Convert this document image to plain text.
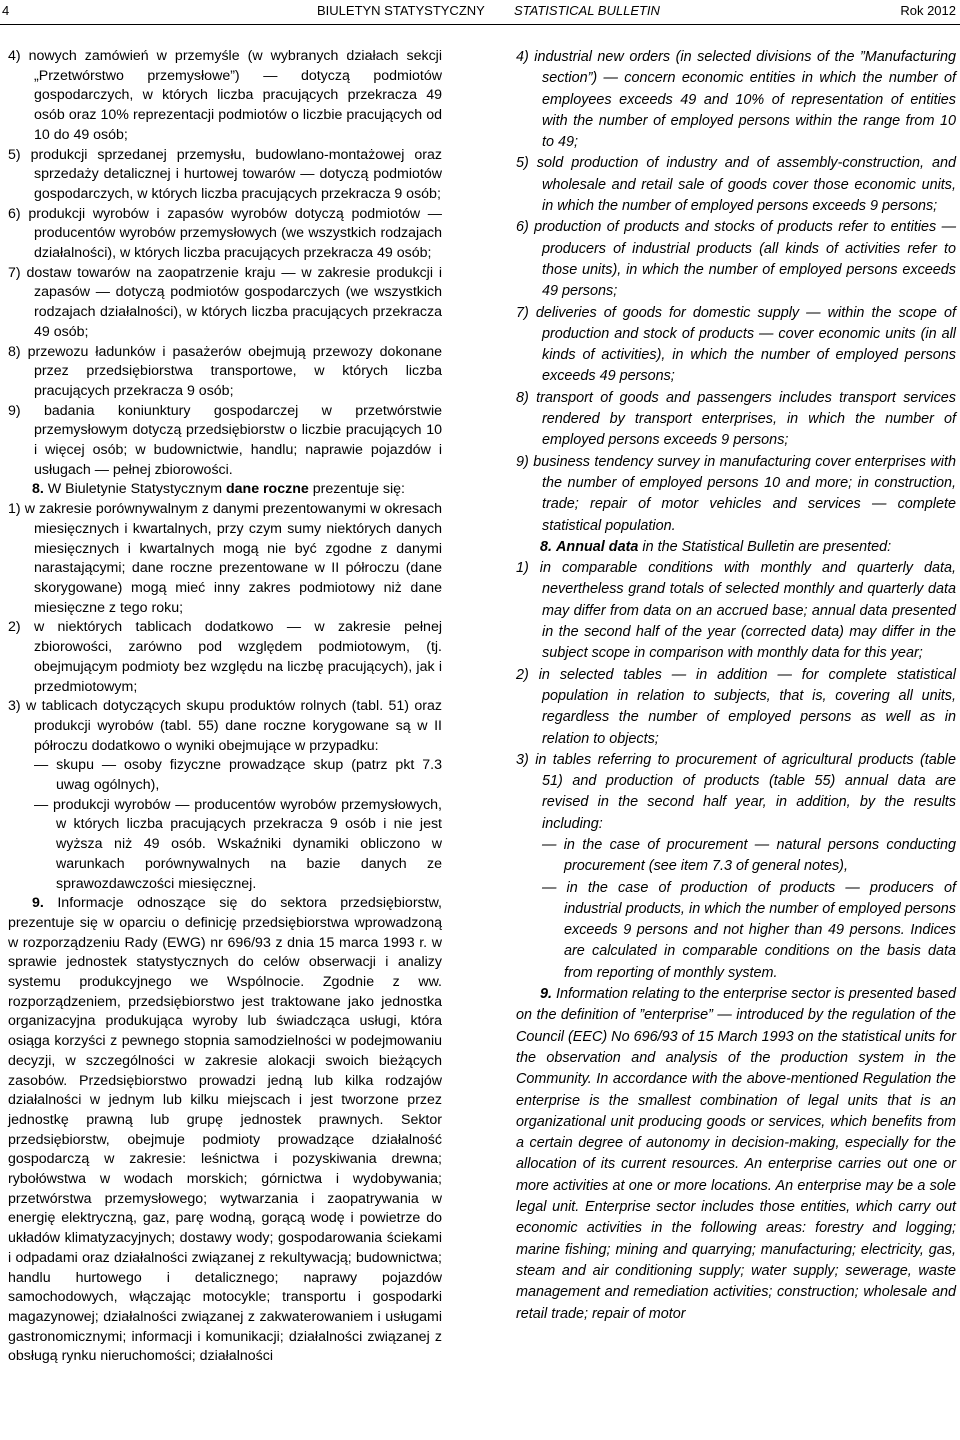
4	BIULETYN STATYSTYCZNY STATISTICAL BULLETIN	Rok 2012

4) nowych zamówień w przemyśle (w wybranych działach sekcji „Przetwórstwo przemysłowe”) — dotyczą podmiotów gospodarczych, w których liczba pracujących przekracza 49 osób oraz 10% reprezentacji podmiotów o liczbie pracujących od 10 do 49 osób;

5) produkcji sprzedanej przemysłu, budowlano-montażowej oraz sprzedaży detalicznej i hurtowej towarów — dotyczą podmiotów gospodarczych, w których liczba pracujących przekracza 9 osób;

6) produkcji wyrobów i zapasów wyrobów dotyczą podmiotów — producentów wyrobów przemysłowych (we wszystkich rodzajach działalności), w których liczba pracujących przekracza 49 osób;

7) dostaw towarów na zaopatrzenie kraju — w zakresie produkcji i zapasów — dotyczą podmiotów gospodarczych (we wszystkich rodzajach działalności), w których liczba pracujących przekracza 49 osób;

8) przewozu ładunków i pasażerów obejmują przewozy dokonane przez przedsiębiorstwa transportowe, w których liczba pracujących przekracza 9 osób;

9) badania koniunktury gospodarczej w przetwórstwie przemysłowym dotyczą przedsiębiorstw o liczbie pracujących 10 i więcej osób; w budownictwie, handlu; naprawie pojazdów i usługach — pełnej zbiorowości.

8. W Biuletynie Statystycznym dane roczne prezentuje się:

1) w zakresie porównywalnym z danymi prezentowanymi w okresach miesięcznych i kwartalnych, przy czym sumy niektórych danych miesięcznych i kwartalnych mogą nie być zgodne z danymi narastającymi; dane roczne prezentowane w II półroczu (dane skorygowane) mogą mieć inny zakres podmiotowy niż dane miesięczne z tego roku;

2) w niektórych tablicach dodatkowo — w zakresie pełnej zbiorowości, zarówno pod względem podmiotowym, (tj. obejmującym podmioty bez względu na liczbę pracujących), jak i przedmiotowym;

3) w tablicach dotyczących skupu produktów rolnych (tabl. 51) oraz produkcji wyrobów (tabl. 55) dane roczne korygowane są w II półroczu dodatkowo o wyniki obejmujące w przypadku:

— skupu — osoby fizyczne prowadzące skup (patrz pkt 7.3 uwag ogólnych),

— produkcji wyrobów — producentów wyrobów przemysłowych, w których liczba pracujących przekracza 9 osób i nie jest wyższa niż 49 osób. Wskaźniki dynamiki obliczono w warunkach porównywalnych na bazie danych ze sprawozdawczości miesięcznej.

9. Informacje odnoszące się do sektora przedsiębiorstw, prezentuje się w oparciu o definicję przedsiębiorstwa wprowadzoną w rozporządzeniu Rady (EWG) nr 696/93 z dnia 15 marca 1993 r. w sprawie jednostek statystycznych do celów obserwacji i analizy systemu produkcyjnego we Wspólnocie. Zgodnie z ww. rozporządzeniem, przedsiębiorstwo jest traktowane jako jednostka organizacyjna produkująca wyroby lub świadcząca usługi, która osiąga korzyści z pewnego stopnia samodzielności w podejmowaniu decyzji, w szczególności w zakresie alokacji swoich bieżących zasobów. Przedsiębiorstwo prowadzi jedną lub kilka rodzajów działalności w jednym lub kilku miejscach i jest tworzone przez jednostkę prawną lub grupę jednostek prawnych. Sektor przedsiębiorstw, obejmuje podmioty prowadzące działalność gospodarczą w zakresie: leśnictwa i pozyskiwania drewna; rybołówstwa w wodach morskich; górnictwa i wydobywania; przetwórstwa przemysłowego; wytwarzania i zaopatrywania w energię elektryczną, gaz, parę wodną, gorącą wodę i powietrze do układów klimatyzacyjnych; dostawy wody; gospodarowania ściekami i odpadami oraz działalności związanej z rekultywacją; budownictwa; handlu hurtowego i detalicznego; naprawy pojazdów samochodowych, włączając motocykle; transportu i gospodarki magazynowej; działalności związanej z zakwaterowaniem i usługami gastronomicznymi; informacji i komunikacji; działalności związanej z obsługą rynku nieruchomości; działalności

4) industrial new orders (in selected divisions of the ”Manufacturing section”) — concern economic entities in which the number of employees exceeds 49 and 10% of representation of entities with the number of employed persons within the range from 10 to 49;

5) sold production of industry and of assembly-construction, and wholesale and retail sale of goods cover those economic units, in which the number of employed persons exceeds 9 persons;

6) production of products and stocks of products refer to entities — producers of industrial products (all kinds of activities refer to those units), in which the number of employed persons exceeds 49 persons;

7) deliveries of goods for domestic supply — within the scope of production and stock of products — cover economic units (in all kinds of activities), in which the number of employed persons exceeds 49 persons;

8) transport of goods and passengers includes transport services rendered by transport enterprises, in which the number of employed persons exceeds 9 persons;

9) business tendency survey in manufacturing cover enterprises with the number of employed persons 10 and more; in construction, trade; repair of motor vehicles and services — complete statistical population.

8. Annual data in the Statistical Bulletin are presented:

1) in comparable conditions with monthly and quarterly data, nevertheless grand totals of selected monthly and quarterly data may differ from data on an accrued base; annual data presented in the second half of the year (corrected data) may differ in the subject scope in comparison with monthly data for this year;

2) in selected tables — in addition — for complete statistical population in relation to subjects, that is, covering all units, regardless the number of employed persons as well as in relation to objects;

3) in tables referring to procurement of agricultural products (table 51) and production of products (table 55) annual data are revised in the second half year, in addition, by the results including:

— in the case of procurement — natural persons conducting procurement (see item 7.3 of general notes),

— in the case of production of products — producers of industrial products, in which the number of employed persons exceeds 9 persons and not higher than 49 persons. Indices are calculated in comparable conditions on the basis data from reporting of monthly system.

9. Information relating to the enterprise sector is presented based on the definition of ”enterprise” — introduced by the regulation of the Council (EEC) No 696/93 of 15 March 1993 on the statistical units for the observation and analysis of the production system in the Community. In accordance with the above-mentioned Regulation the enterprise is the smallest combination of legal units that is an organizational unit producing goods or services, which benefits from a certain degree of autonomy in decision-making, especially for the allocation of its current resources. An enterprise carries out one or more activities at one or more locations. An enterprise may be a sole legal unit. Enterprise sector includes those entities, which carry out economic activities in the following areas: forestry and logging; marine fishing; mining and quarrying; manufacturing; electricity, gas, steam and air conditioning supply; water supply; sewerage, waste management and remediation activities; construction; wholesale and retail trade; repair of motor
